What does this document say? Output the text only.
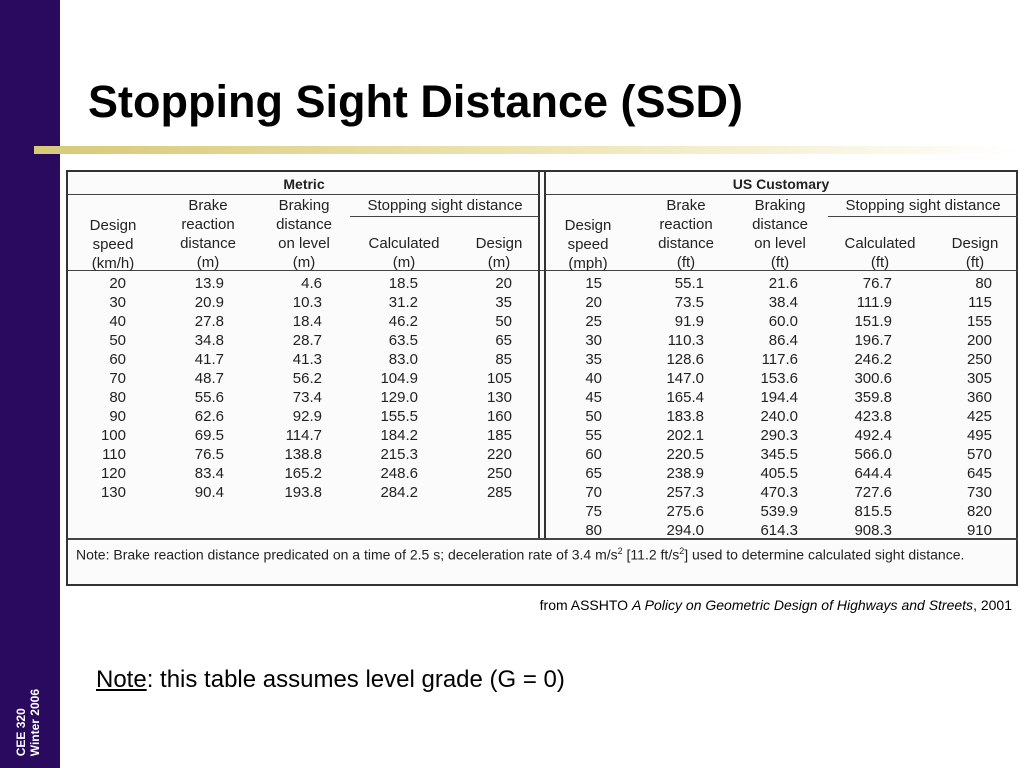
CEE 320 Winter 2006
Stopping Sight Distance (SSD)
Metric	US Customary
Stopping sight distance	Stopping sight distance
Design
speed
(km/h)
Brake
reaction
distance
(m)
Braking
distance
on level
(m)
Calculated
(m)
Design
(m)
Design
speed
(mph)
Brake
reaction
distance
(ft)
Braking
distance
on level
(ft)
Calculated
(ft)
Design
(ft)
20
30
40
50
60
70
80
90
100
110
120
130
13.9
20.9
27.8
34.8
41.7
48.7
55.6
62.6
69.5
76.5
83.4
90.4
4.6
10.3
18.4
28.7
41.3
56.2
73.4
92.9
114.7
138.8
165.2
193.8
18.5
31.2
46.2
63.5
83.0
104.9
129.0
155.5
184.2
215.3
248.6
284.2
20
35
50
65
85
105
130
160
185
220
250
285
15
20
25
30
35
40
45
50
55
60
65
70
75
80
55.1
73.5
91.9
110.3
128.6
147.0
165.4
183.8
202.1
220.5
238.9
257.3
275.6
294.0
21.6
38.4
60.0
86.4
117.6
153.6
194.4
240.0
290.3
345.5
405.5
470.3
539.9
614.3
76.7
111.9
151.9
196.7
246.2
300.6
359.8
423.8
492.4
566.0
644.4
727.6
815.5
908.3
80
115
155
200
250
305
360
425
495
570
645
730
820
910
Note: Brake reaction distance predicated on a time of 2.5 s; deceleration rate of 3.4 $m/s^2$ [11.2 $ft/s^2$] used to determine calculated sight distance.
from ASSHTO A Policy on Geometric Design of Highways and Streets, 2001
Note: this table assumes level grade (G = 0)
